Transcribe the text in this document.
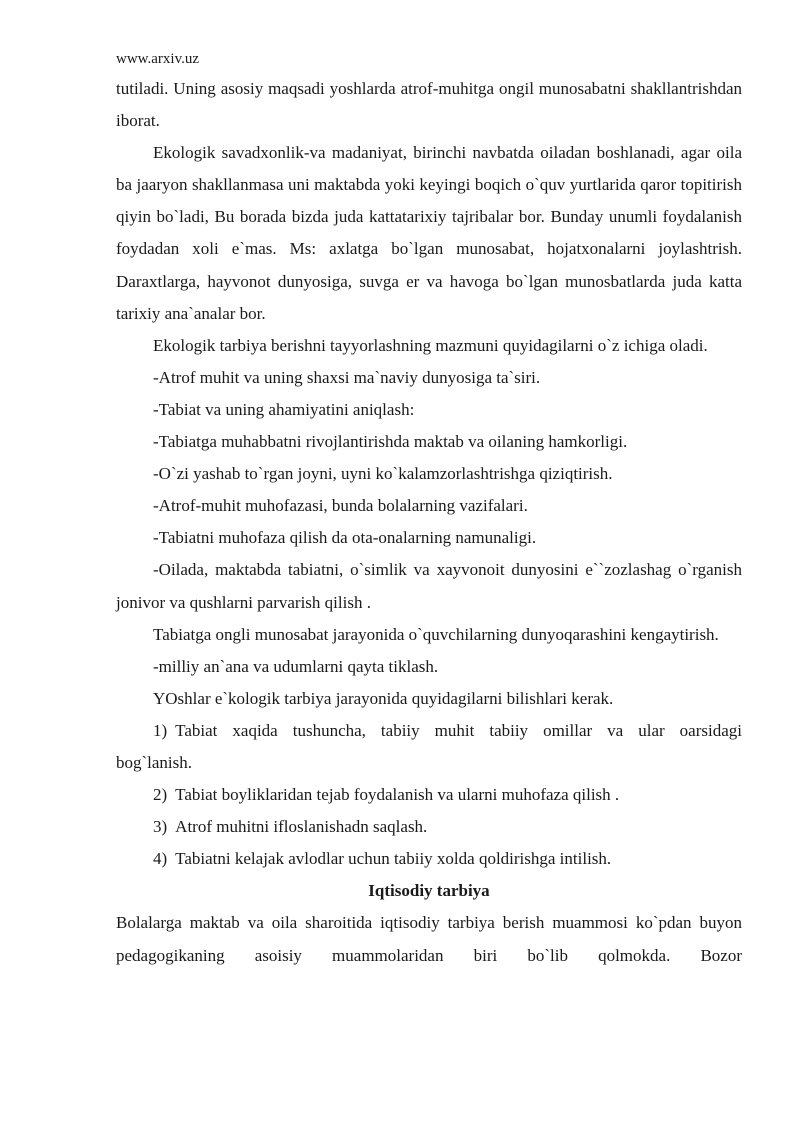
www.arxiv.uz

tutiladi. Uning asosiy maqsadi yoshlarda atrof-muhitga ongil munosabatni shakllantrishdan iborat.

Ekologik savadxonlik-va madaniyat, birinchi navbatda oiladan boshlanadi, agar oila ba jaaryon shakllanmasa uni maktabda yoki keyingi boqich o`quv yurtlarida qaror topitirish qiyin bo`ladi, Bu borada bizda juda kattatarixiy tajribalar bor. Bunday unumli foydalanish foydadan xoli e`mas. Ms: axlatga bo`lgan munosabat, hojatxonalarni joylashtrish. Daraxtlarga, hayvonot dunyosiga, suvga er va havoga bo`lgan munosbatlarda juda katta tarixiy ana`analar bor.

Ekologik tarbiya berishni tayyorlashning mazmuni quyidagilarni o`z ichiga oladi.

-Atrof muhit va uning shaxsi ma`naviy dunyosiga ta`siri.

-Tabiat va uning ahamiyatini aniqlash:

-Tabiatga muhabbatni rivojlantirishda maktab va oilaning hamkorligi.

-O`zi yashab to`rgan joyni, uyni ko`kalamzorlashtrishga qiziqtirish.

-Atrof-muhit muhofazasi, bunda bolalarning vazifalari.

-Tabiatni muhofaza qilish da ota-onalarning namunaligi.

-Oilada, maktabda tabiatni, o`simlik va xayvonoit dunyosini e``zozlashag o`rganish jonivor va qushlarni parvarish qilish .

Tabiatga ongli munosabat jarayonida o`quvchilarning dunyoqarashini kengaytirish.

-milliy an`ana va udumlarni qayta tiklash.

YOshlar e`kologik tarbiya jarayonida quyidagilarni bilishlari kerak.

1) Tabiat xaqida tushuncha, tabiiy muhit tabiiy omillar va ular oarsidagi

bog`lanish.

2) Tabiat boyliklaridan tejab foydalanish va ularni muhofaza qilish .

3) Atrof muhitni ifloslanishadn saqlash.

4) Tabiatni kelajak avlodlar uchun tabiiy xolda qoldirishga intilish.

Iqtisodiy tarbiya

Bolalarga maktab va oila sharoitida iqtisodiy tarbiya berish muammosi ko`pdan buyon pedagogikaning asoisiy muammolaridan biri bo`lib qolmokda. Bozor
